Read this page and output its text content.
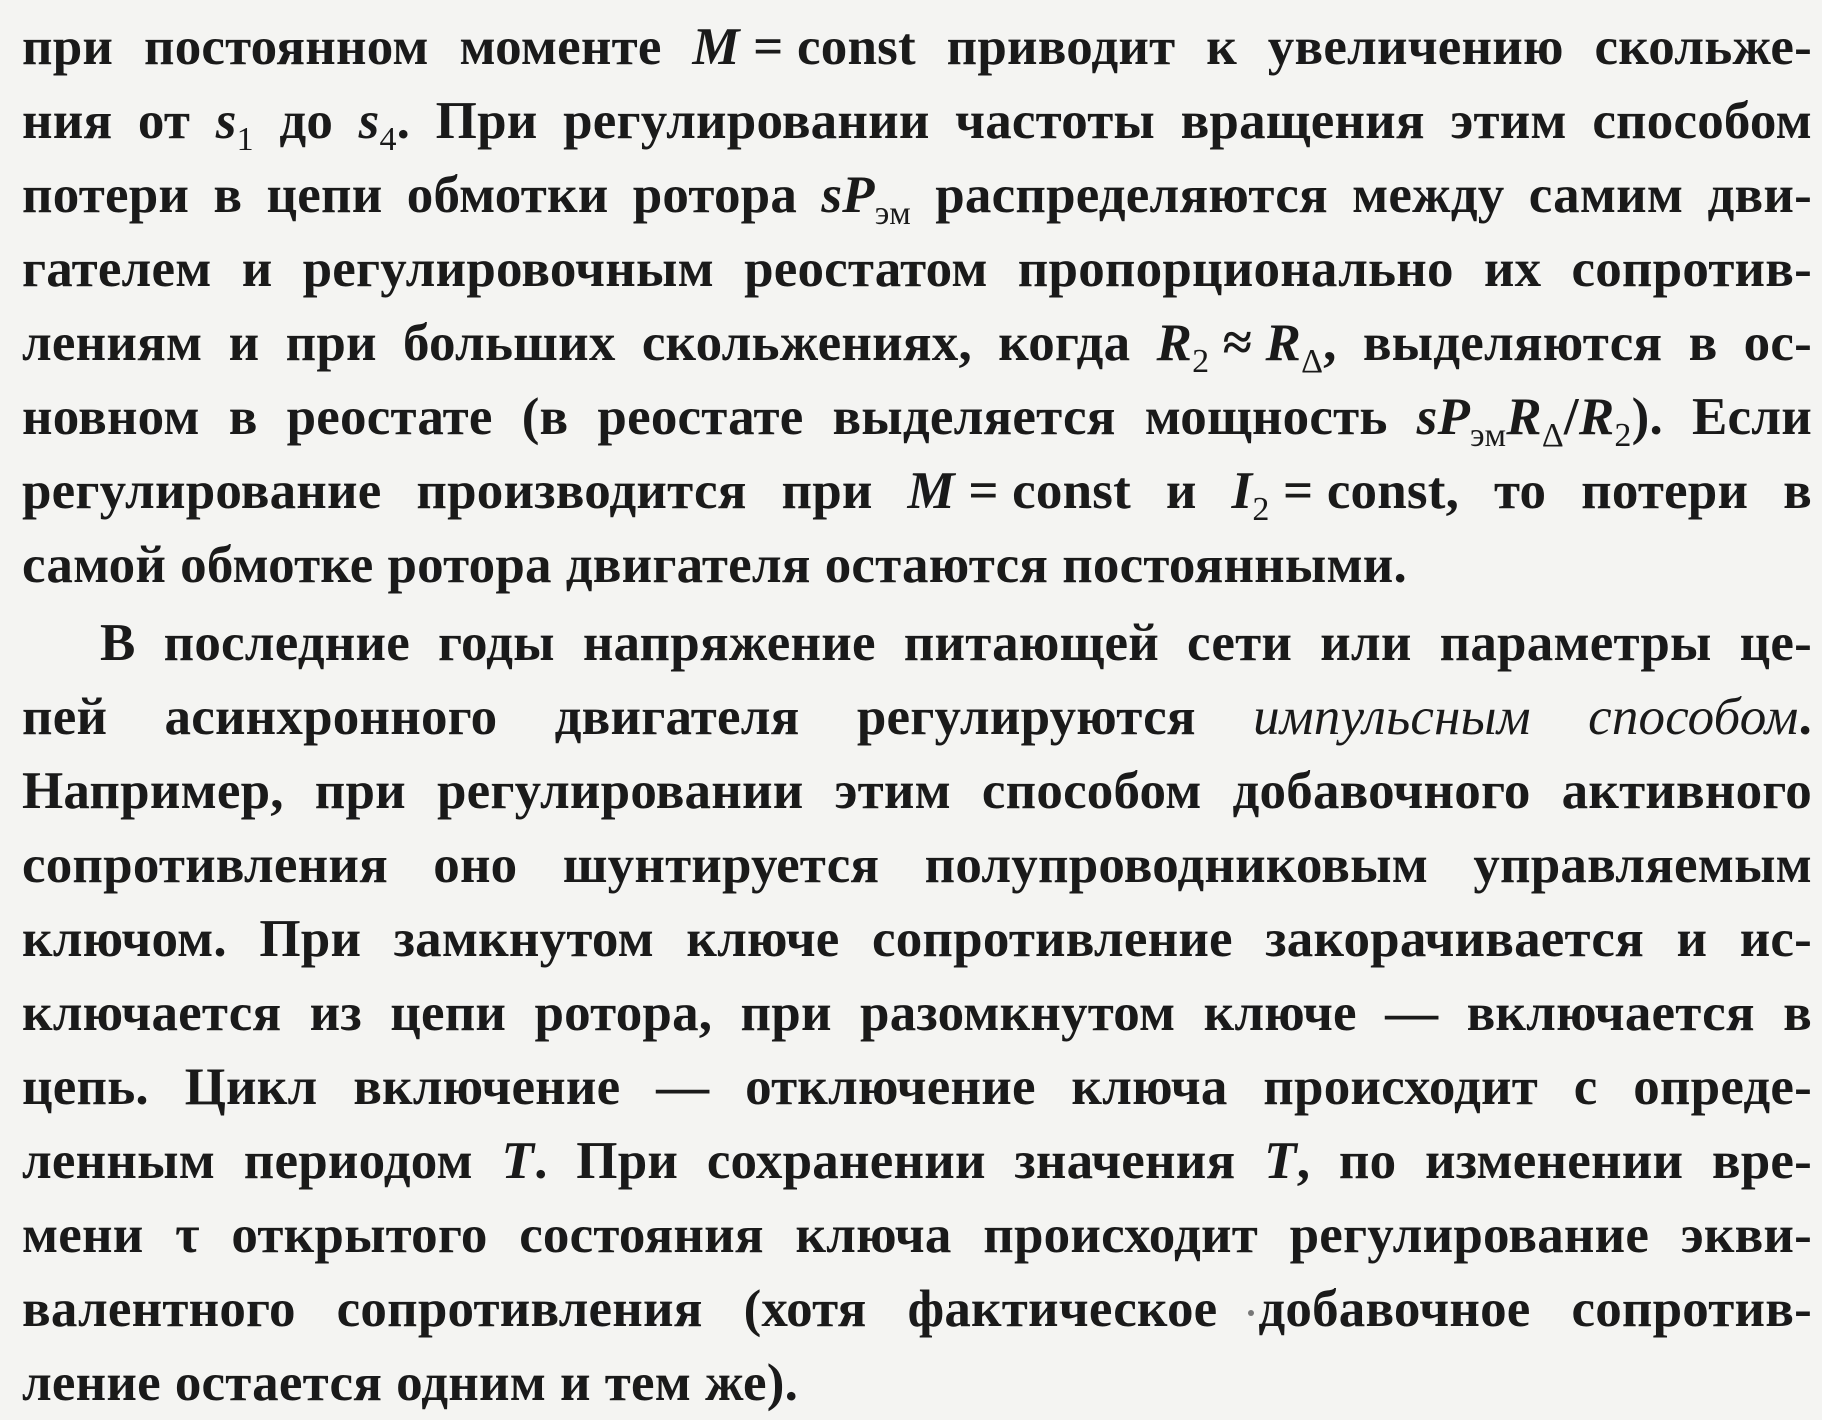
при постоянном моменте M = const приводит к увеличению скольже-
ния от $s_1$ до $s_4$. При регулировании частоты вращения этим способом
потери в цепи обмотки ротора $sP_{эм}$ распределяются между самим дви-
гателем и регулировочным реостатом пропорционально их сопротив-
лениям и при больших скольжениях, когда $R_2 \approx R_\Delta$, выделяются в ос-
новном в реостате (в реостате выделяется мощность $sP_{эм}R_\Delta/R_2$). Если
регулирование производится при M = const и $I_2$ = const, то потери в
самой обмотке ротора двигателя остаются постоянными.
В последние годы напряжение питающей сети или параметры це-
пей асинхронного двигателя регулируются импульсным способом.
Например, при регулировании этим способом добавочного активного
сопротивления оно шунтируется полупроводниковым управляемым
ключом. При замкнутом ключе сопротивление закорачивается и ис-
ключается из цепи ротора, при разомкнутом ключе — включается в
цепь. Цикл включение — отключение ключа происходит с опреде-
ленным периодом T. При сохранении значения T, по изменении вре-
мени τ открытого состояния ключа происходит регулирование экви-
валентного сопротивления (хотя фактическое добавочное сопротив-
ление остается одним и тем же).
